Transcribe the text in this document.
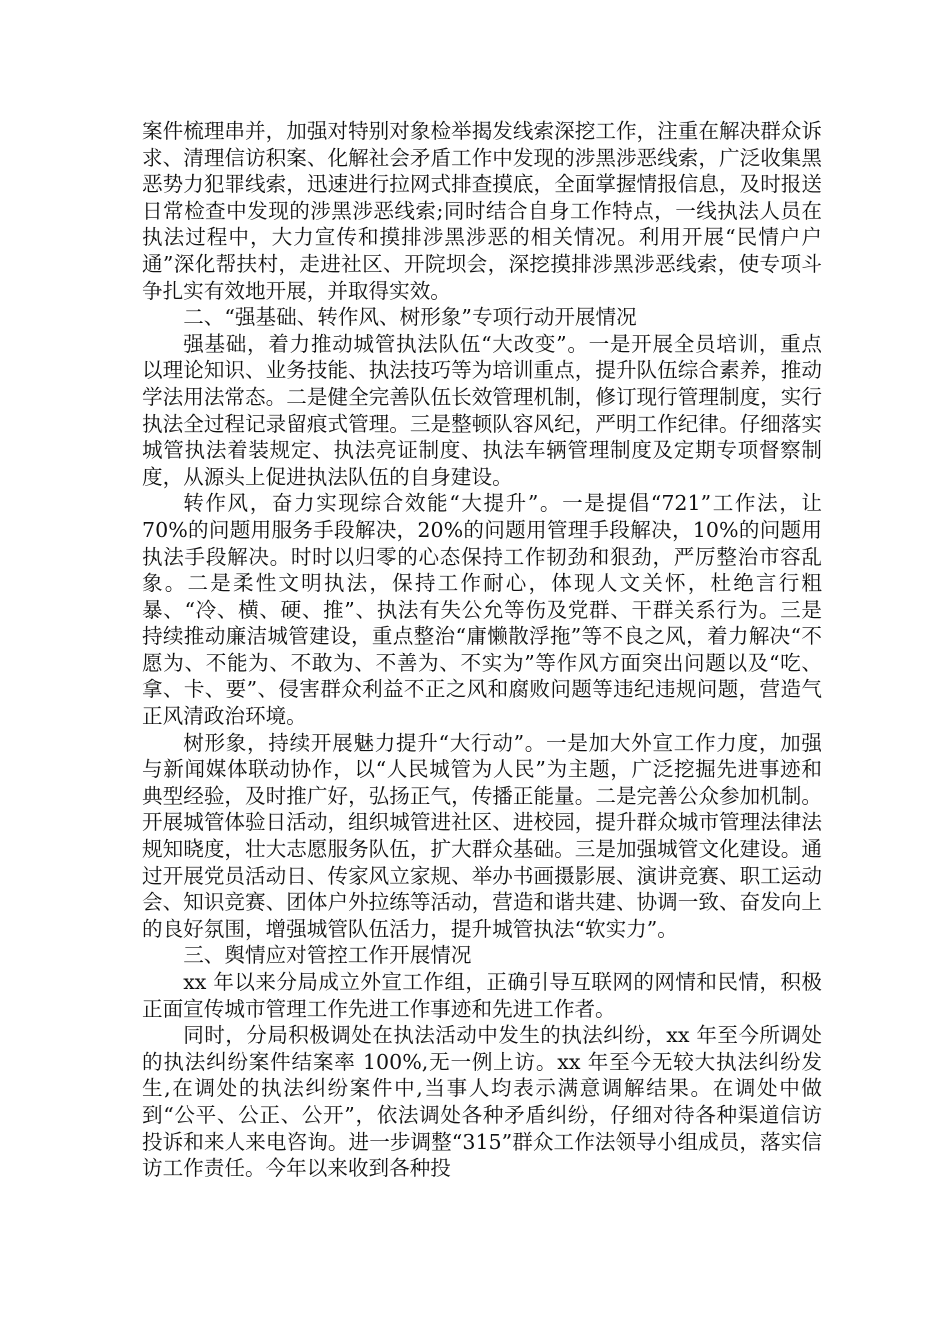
案件梳理串并，加强对特别对象检举揭发线索深挖工作，注重在解决群众诉求、清理信访积案、化解社会矛盾工作中发现的涉黑涉恶线索，广泛收集黑恶势力犯罪线索，迅速进行拉网式排查摸底，全面掌握情报信息，及时报送日常检查中发现的涉黑涉恶线索;同时结合自身工作特点，一线执法人员在执法过程中，大力宣传和摸排涉黑涉恶的相关情况。利用开展“民情户户通”深化帮扶村，走进社区、开院坝会，深挖摸排涉黑涉恶线索，使专项斗争扎实有效地开展，并取得实效。

二、“强基础、转作风、树形象”专项行动开展情况

强基础，着力推动城管执法队伍“大改变”。一是开展全员培训，重点以理论知识、业务技能、执法技巧等为培训重点，提升队伍综合素养，推动学法用法常态。二是健全完善队伍长效管理机制，修订现行管理制度，实行执法全过程记录留痕式管理。三是整顿队容风纪，严明工作纪律。仔细落实城管执法着装规定、执法亮证制度、执法车辆管理制度及定期专项督察制度，从源头上促进执法队伍的自身建设。

转作风，奋力实现综合效能“大提升”。一是提倡“721”工作法，让 70%的问题用服务手段解决，20%的问题用管理手段解决，10%的问题用执法手段解决。时时以归零的心态保持工作韧劲和狠劲，严厉整治市容乱象。二是柔性文明执法，保持工作耐心，体现人文关怀，杜绝言行粗暴、“冷、横、硬、推”、执法有失公允等伤及党群、干群关系行为。三是持续推动廉洁城管建设，重点整治“庸懒散浮拖”等不良之风，着力解决“不愿为、不能为、不敢为、不善为、不实为”等作风方面突出问题以及“吃、拿、卡、要”、侵害群众利益不正之风和腐败问题等违纪违规问题，营造气正风清政治环境。

树形象，持续开展魅力提升“大行动”。一是加大外宣工作力度，加强与新闻媒体联动协作，以“人民城管为人民”为主题，广泛挖掘先进事迹和典型经验，及时推广好，弘扬正气，传播正能量。二是完善公众参加机制。开展城管体验日活动，组织城管进社区、进校园，提升群众城市管理法律法规知晓度，壮大志愿服务队伍，扩大群众基础。三是加强城管文化建设。通过开展党员活动日、传家风立家规、举办书画摄影展、演讲竞赛、职工运动会、知识竞赛、团体户外拉练等活动，营造和谐共建、协调一致、奋发向上的良好氛围，增强城管队伍活力，提升城管执法“软实力”。

三、舆情应对管控工作开展情况

xx 年以来分局成立外宣工作组，正确引导互联网的网情和民情，积极正面宣传城市管理工作先进工作事迹和先进工作者。

同时，分局积极调处在执法活动中发生的执法纠纷，xx 年至今所调处的执法纠纷案件结案率 100%,无一例上访。xx 年至今无较大执法纠纷发生,在调处的执法纠纷案件中,当事人均表示满意调解结果。在调处中做到“公平、公正、公开”，依法调处各种矛盾纠纷，仔细对待各种渠道信访投诉和来人来电咨询。进一步调整“315”群众工作法领导小组成员，落实信访工作责任。今年以来收到各种投
